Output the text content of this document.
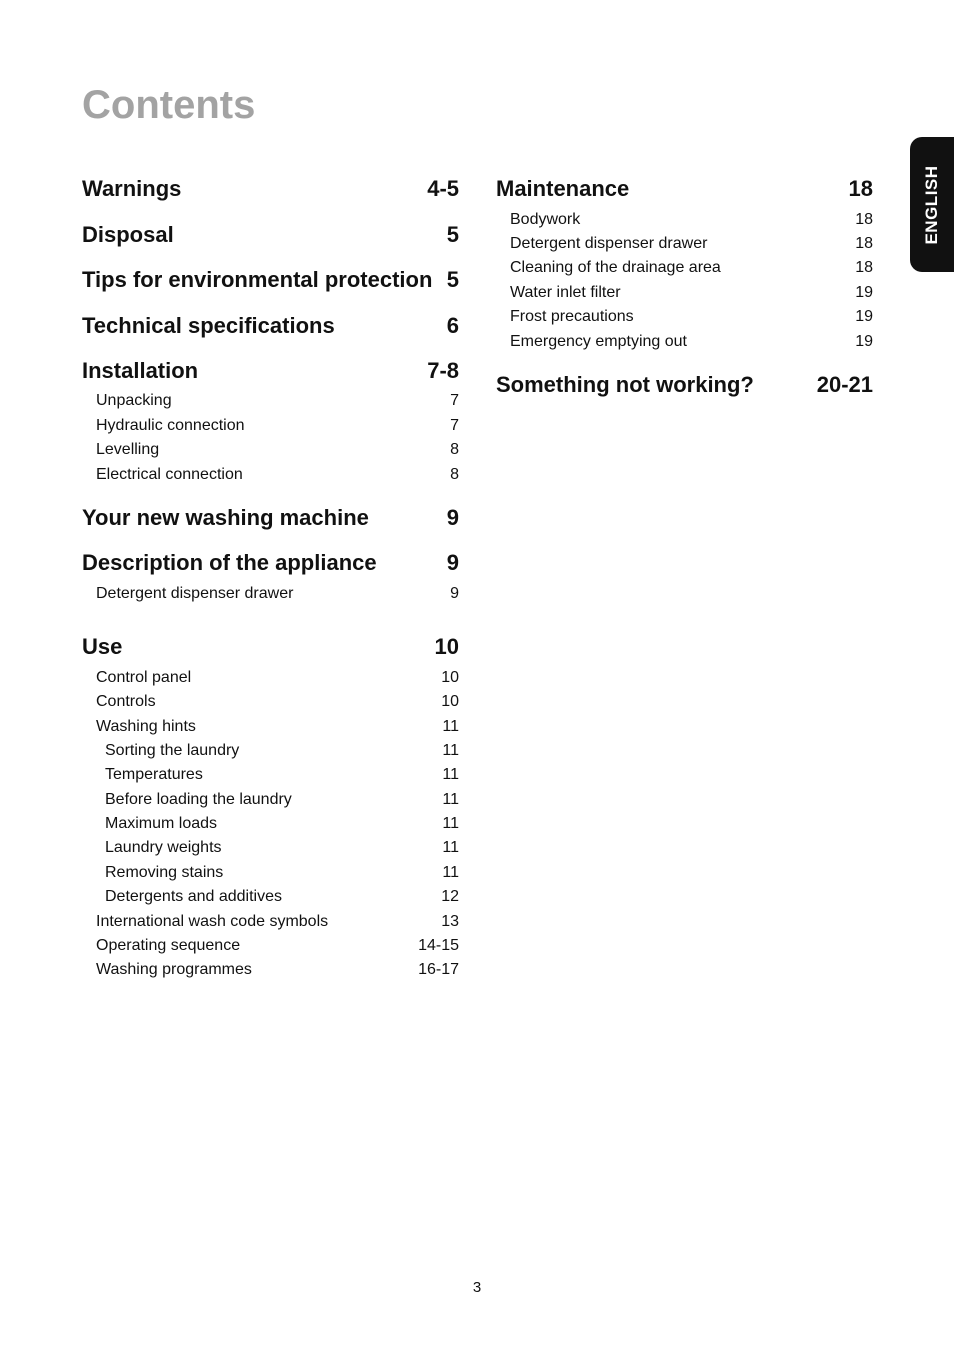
Contents
Warnings	4-5
Disposal	5
Tips for environmental protection 5
Technical specifications	6
Installation	7-8
Unpacking	7
Hydraulic connection	7
Levelling	8
Electrical connection	8
Your new washing machine	9
Description of the appliance	9
Detergent dispenser drawer	9
Use	10
Control panel	10
Controls	10
Washing hints	11
Sorting the laundry	11
Temperatures	11
Before loading the laundry	11
Maximum loads	11
Laundry weights	11
Removing stains	11
Detergents and additives	12
International wash code symbols	13
Operating sequence	14-15
Washing programmes	16-17
Maintenance	18
Bodywork	18
Detergent dispenser drawer	18
Cleaning of the drainage area	18
Water inlet filter	19
Frost precautions	19
Emergency emptying out	19
Something not working?	20-21
ENGLISH
3
